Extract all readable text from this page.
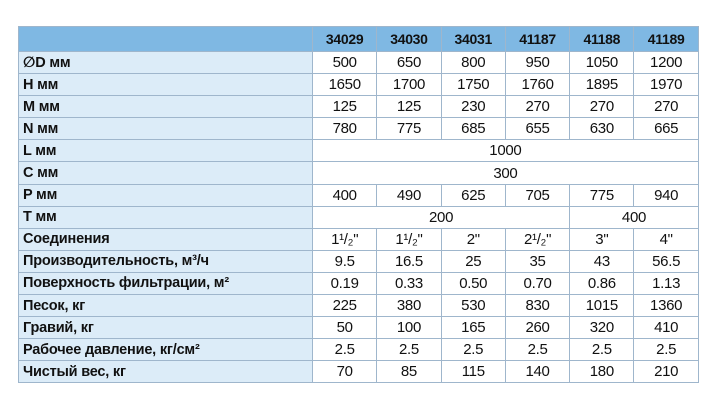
	34029	34030	34031	41187	41188	41189
∅D мм	500	650	800	950	1050	1200
H мм	1650	1700	1750	1760	1895	1970
M мм	125	125	230	270	270	270
N мм	780	775	685	655	630	665
L мм	1000					
C мм	300					
P мм	400	490	625	705	775	940
T мм	200				400	
Соединения	1¹/₂"	1¹/₂"	2"	2¹/₂"	3"	4"
Производительность, м³/ч	9.5	16.5	25	35	43	56.5
Поверхность фильтрации, м²	0.19	0.33	0.50	0.70	0.86	1.13
Песок, кг	225	380	530	830	1015	1360
Гравий, кг	50	100	165	260	320	410
Рабочее давление, кг/см²	2.5	2.5	2.5	2.5	2.5	2.5
Чистый вес, кг	70	85	115	140	180	210
